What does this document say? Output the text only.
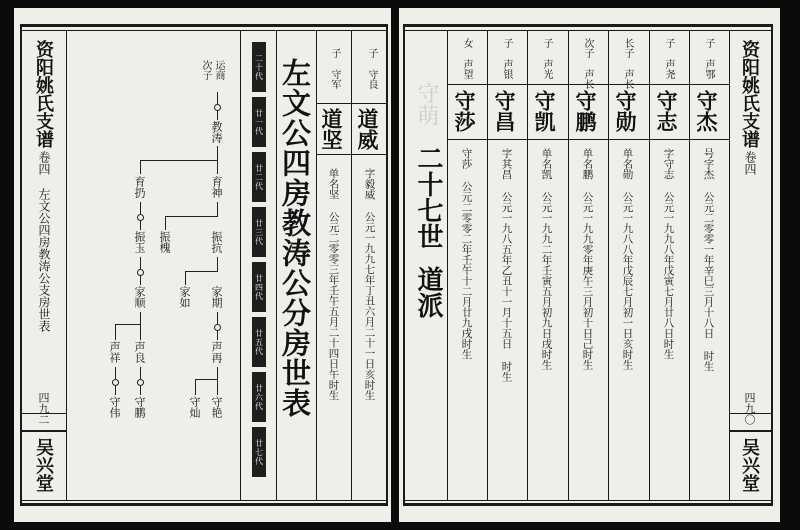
资阳姚氏支谱
卷四
左文公四房教涛公支房世表
四九二
吴兴堂
二十代
廿一代
廿二代
廿三代
廿四代
廿五代
廿六代
廿七代
左文公四房教涛公分房世表	子 守良
道威
字毅威 公元一九九七年丁丑六月二十一日亥时生
子 守军
道坚
单名坚 公元二零零三年壬午五月二十四日午时生
运商
次子
教涛
育扔	育神
振玉 振槐	振抗
家顺	家如 家期
声祥 声良	声再
守伟 守鹏	守灿 守艳
守萌
二十七世
道派
资阳姚氏支谱
卷四
四九〇
吴兴堂
子 声鄂
守杰
号字杰 公元二零零一年辛巳三月十八日 时生
子 声尧
守志
字守志 公元一九九八年戊寅七月廿八日时生
长子 声长
守勋
单名勋 公元一九八八年戊辰七月初一日亥时生
次子 声长
守鹏
单名鹏 公元一九九零年庚午三月初十日己时生
子 声光
守凯
单名凯 公元一九九二年壬寅五月初九日戌时生
子 声银
守昌
字其昌 公元一九八五年乙丑十一月十五日 时生
女 声望
守莎
守莎 公元二零零二年壬午十二月廿九戌时生
